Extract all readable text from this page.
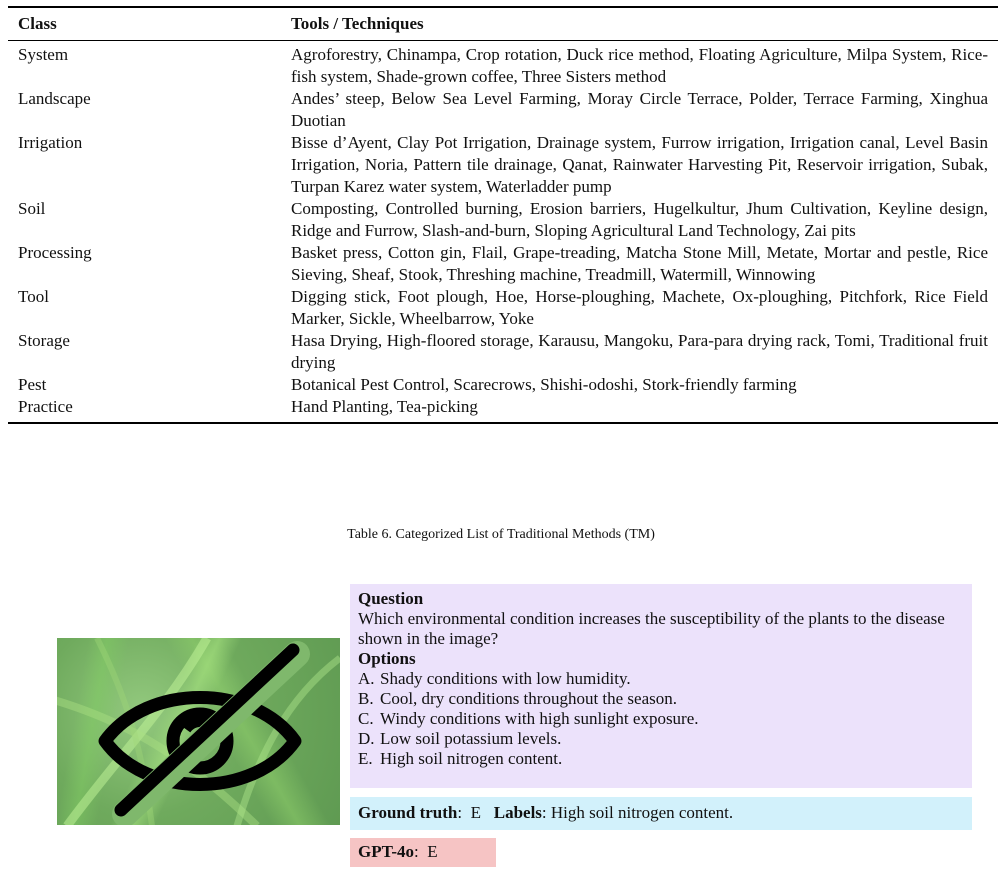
Class	Tools / Techniques
System	Agroforestry, Chinampa, Crop rotation, Duck rice method, Floating Agriculture, Milpa System, Rice-fish system, Shade-grown coffee, Three Sisters method
Landscape	Andes’ steep, Below Sea Level Farming, Moray Circle Terrace, Polder, Terrace Farming, Xinghua Duotian
Irrigation	Bisse d’Ayent, Clay Pot Irrigation, Drainage system, Furrow irrigation, Irrigation canal, Level Basin Irrigation, Noria, Pattern tile drainage, Qanat, Rainwater Harvesting Pit, Reservoir irrigation, Subak, Turpan Karez water system, Waterladder pump
Soil	Composting, Controlled burning, Erosion barriers, Hugelkultur, Jhum Cultivation, Keyline design, Ridge and Furrow, Slash-and-burn, Sloping Agricultural Land Technology, Zai pits
Processing	Basket press, Cotton gin, Flail, Grape-treading, Matcha Stone Mill, Metate, Mortar and pestle, Rice Sieving, Sheaf, Stook, Threshing machine, Treadmill, Watermill, Winnowing
Tool	Digging stick, Foot plough, Hoe, Horse-ploughing, Machete, Ox-ploughing, Pitchfork, Rice Field Marker, Sickle, Wheelbarrow, Yoke
Storage	Hasa Drying, High-floored storage, Karausu, Mangoku, Para-para drying rack, Tomi, Traditional fruit drying
Pest	Botanical Pest Control, Scarecrows, Shishi-odoshi, Stork-friendly farming
Practice	Hand Planting, Tea-picking
Table 6. Categorized List of Traditional Methods (TM)
Question
Which environmental condition increases the susceptibility of the plants to the disease shown in the image?
Options
A. Shady conditions with low humidity.
B. Cool, dry conditions throughout the season.
C. Windy conditions with high sunlight exposure.
D. Low soil potassium levels.
E. High soil nitrogen content.
Ground truth:  E Labels: High soil nitrogen content.
GPT-4o:  E
